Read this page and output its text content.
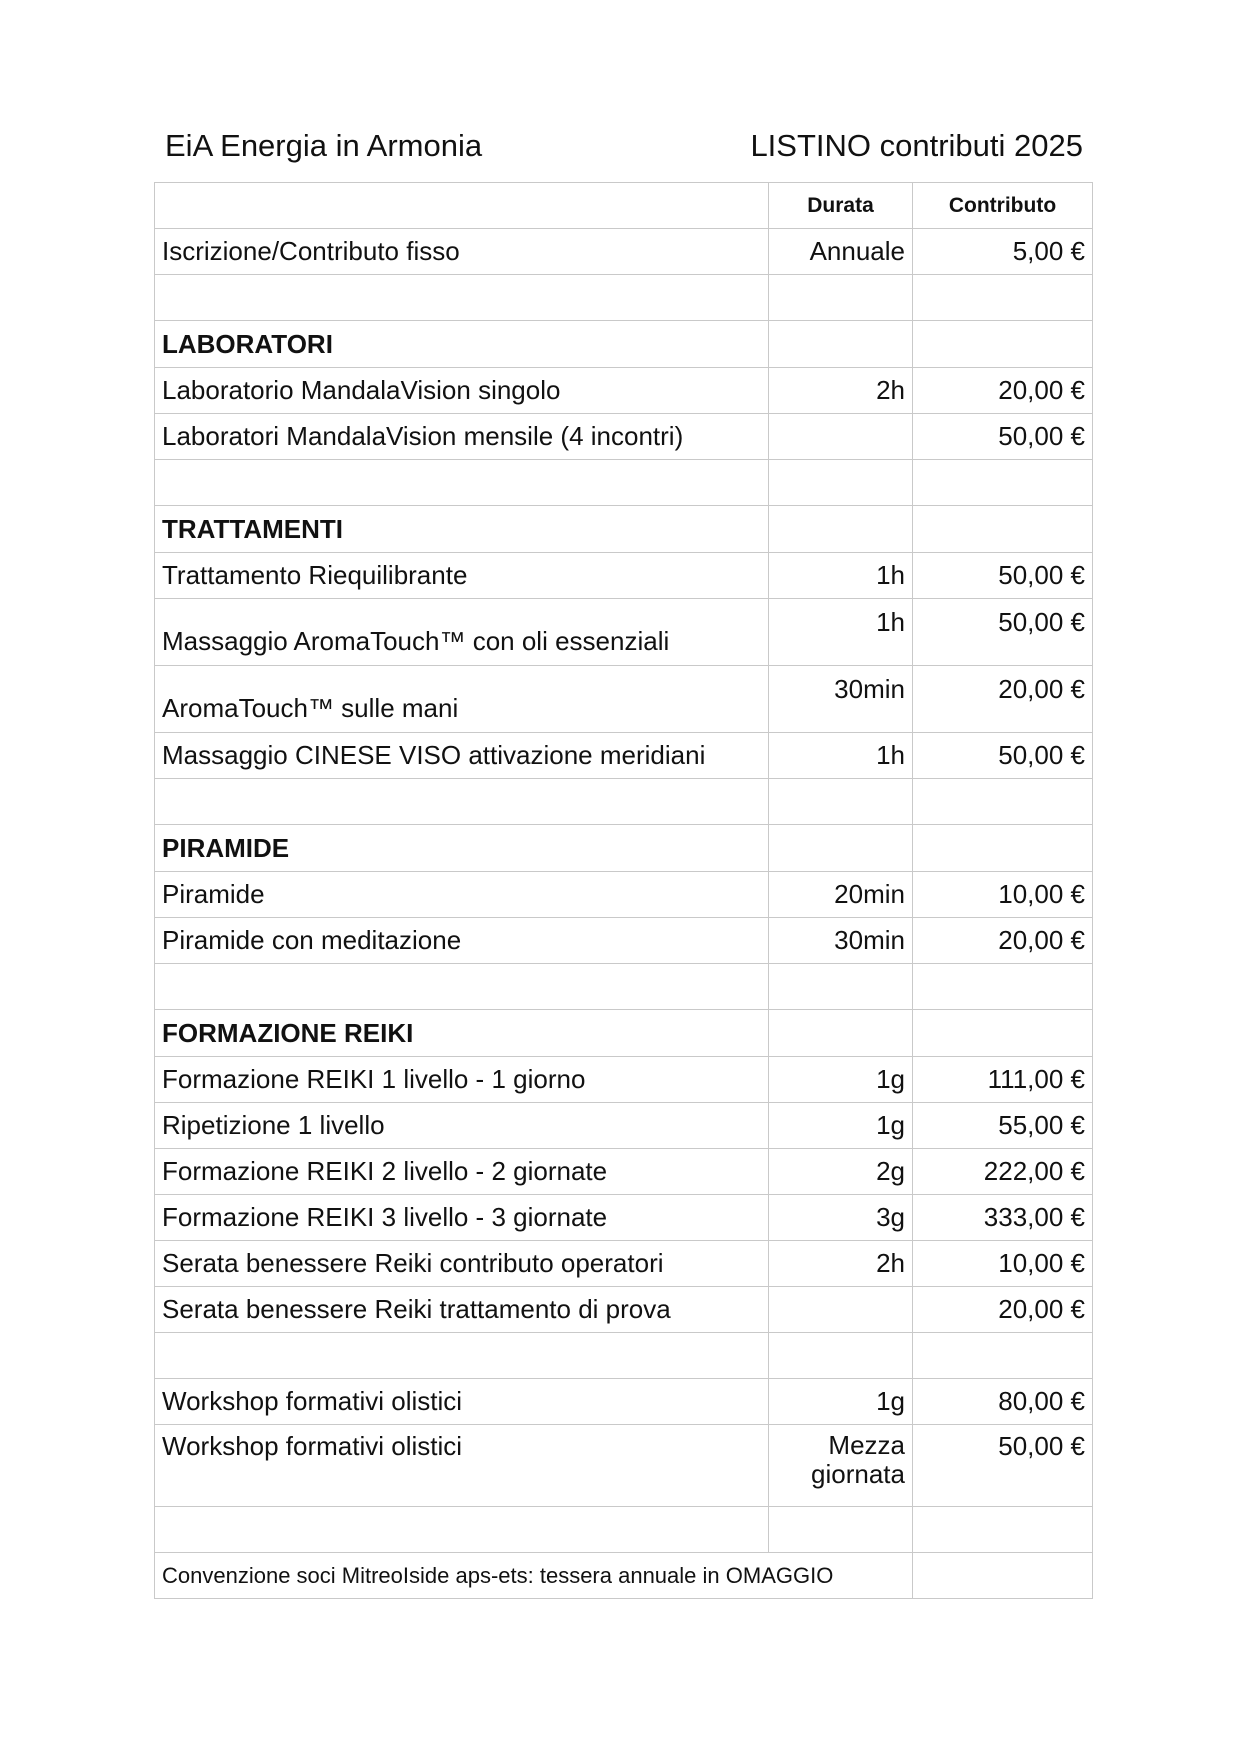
EiA Energia in Armonia	LISTINO contributi 2025
	Durata	Contributo
Iscrizione/Contributo fisso	Annuale	5,00 €

LABORATORI		
Laboratorio MandalaVision singolo	2h	20,00 €
Laboratori MandalaVision mensile (4 incontri)		50,00 €

TRATTAMENTI		
Trattamento Riequilibrante	1h	50,00 €
Massaggio AromaTouch™ con oli essenziali	1h	50,00 €
AromaTouch™ sulle mani	30min	20,00 €
Massaggio CINESE VISO attivazione meridiani	1h	50,00 €

PIRAMIDE		
Piramide	20min	10,00 €
Piramide con meditazione	30min	20,00 €

FORMAZIONE REIKI		
Formazione REIKI 1 livello - 1 giorno	1g	111,00 €
Ripetizione 1 livello	1g	55,00 €
Formazione REIKI 2 livello - 2 giornate	2g	222,00 €
Formazione REIKI 3 livello - 3 giornate	3g	333,00 €
Serata benessere Reiki contributo operatori	2h	10,00 €
Serata benessere Reiki trattamento di prova		20,00 €

Workshop formativi olistici	1g	80,00 €
Workshop formativi olistici	Mezza giornata	50,00 €

Convenzione soci MitreoIside aps-ets: tessera annuale in OMAGGIO		
